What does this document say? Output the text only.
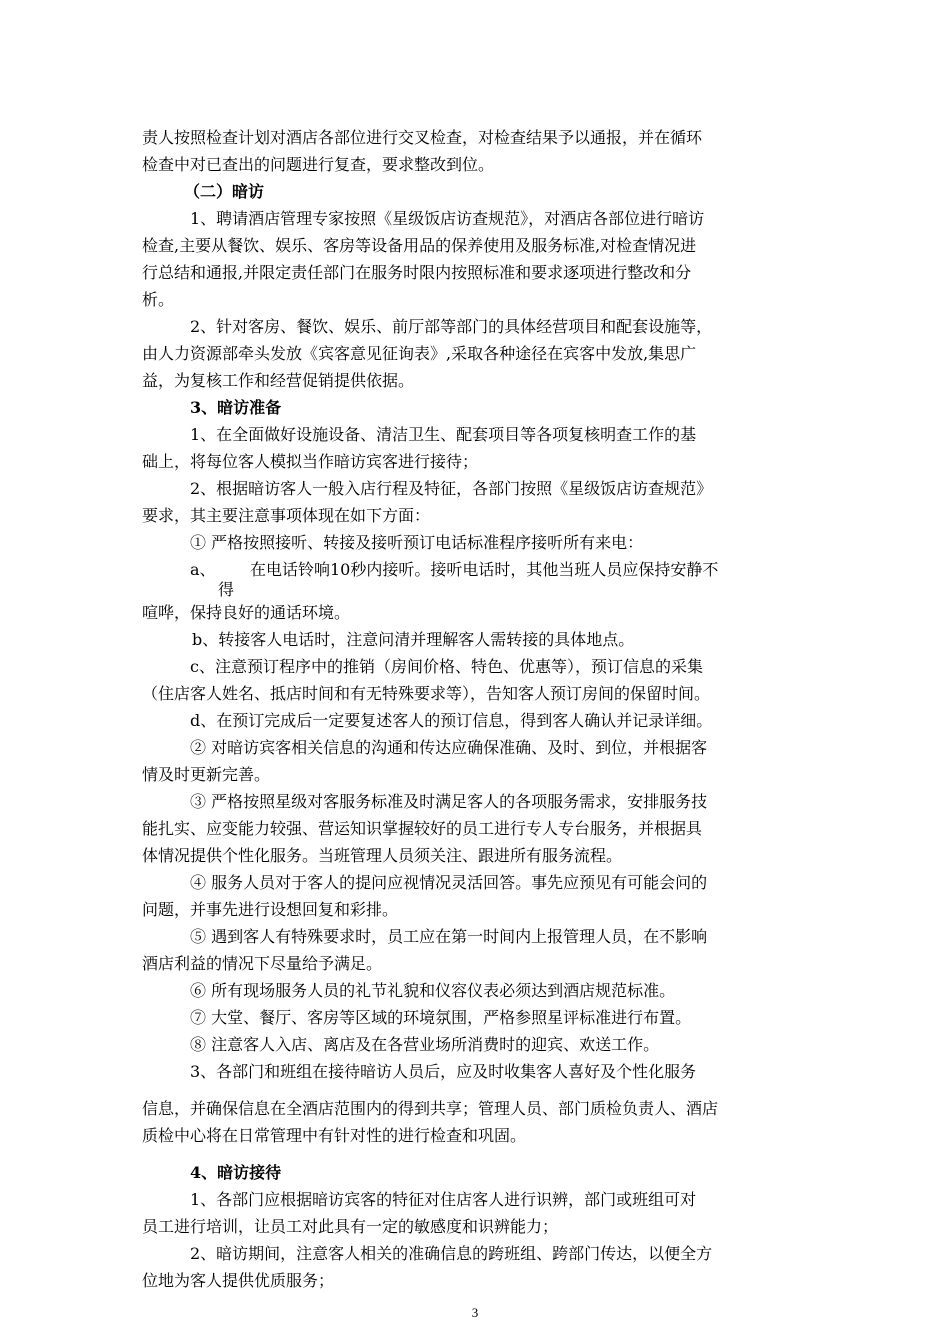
责人按照检查计划对酒店各部位进行交叉检查，对检查结果予以通报，并在循环
检查中对已查出的问题进行复查，要求整改到位。
（二）暗访
1、聘请酒店管理专家按照《星级饭店访查规范》，对酒店各部位进行暗访
检查,主要从餐饮、娱乐、客房等设备用品的保养使用及服务标准,对检查情况进
行总结和通报,并限定责任部门在服务时限内按照标准和要求逐项进行整改和分
析。
2、针对客房、餐饮、娱乐、前厅部等部门的具体经营项目和配套设施等，
由人力资源部牵头发放《宾客意见征询表》,采取各种途径在宾客中发放,集思广
益，为复核工作和经营促销提供依据。
3、暗访准备
1、在全面做好设施设备、清洁卫生、配套项目等各项复核明查工作的基
础上，将每位客人模拟当作暗访宾客进行接待；
2、根据暗访客人一般入店行程及特征，各部门按照《星级饭店访查规范》
要求，其主要注意事项体现在如下方面：
① 严格按照接听、转接及接听预订电话标准程序接听所有来电：
a、	在电话铃响10秒内接听。接听电话时，其他当班人员应保持安静不
得
喧哗，保持良好的通话环境。
b、转接客人电话时，注意问清并理解客人需转接的具体地点。
c、注意预订程序中的推销（房间价格、特色、优惠等），预订信息的采集
（住店客人姓名、抵店时间和有无特殊要求等），告知客人预订房间的保留时间。
d、在预订完成后一定要复述客人的预订信息，得到客人确认并记录详细。
② 对暗访宾客相关信息的沟通和传达应确保准确、及时、到位，并根据客
情及时更新完善。
③ 严格按照星级对客服务标准及时满足客人的各项服务需求，安排服务技
能扎实、应变能力较强、营运知识掌握较好的员工进行专人专台服务，并根据具
体情况提供个性化服务。当班管理人员须关注、跟进所有服务流程。
④ 服务人员对于客人的提问应视情况灵活回答。事先应预见有可能会问的
问题，并事先进行设想回复和彩排。
⑤ 遇到客人有特殊要求时，员工应在第一时间内上报管理人员，在不影响
酒店利益的情况下尽量给予满足。
⑥ 所有现场服务人员的礼节礼貌和仪容仪表必须达到酒店规范标准。
⑦ 大堂、餐厅、客房等区域的环境氛围，严格参照星评标准进行布置。
⑧ 注意客人入店、离店及在各营业场所消费时的迎宾、欢送工作。
3、各部门和班组在接待暗访人员后，应及时收集客人喜好及个性化服务
信息，并确保信息在全酒店范围内的得到共享；管理人员、部门质检负责人、酒店
质检中心将在日常管理中有针对性的进行检查和巩固。
4、暗访接待
1、各部门应根据暗访宾客的特征对住店客人进行识辨，部门或班组可对
员工进行培训，让员工对此具有一定的敏感度和识辨能力；
2、暗访期间，注意客人相关的准确信息的跨班组、跨部门传达，以便全方
位地为客人提供优质服务；
3
